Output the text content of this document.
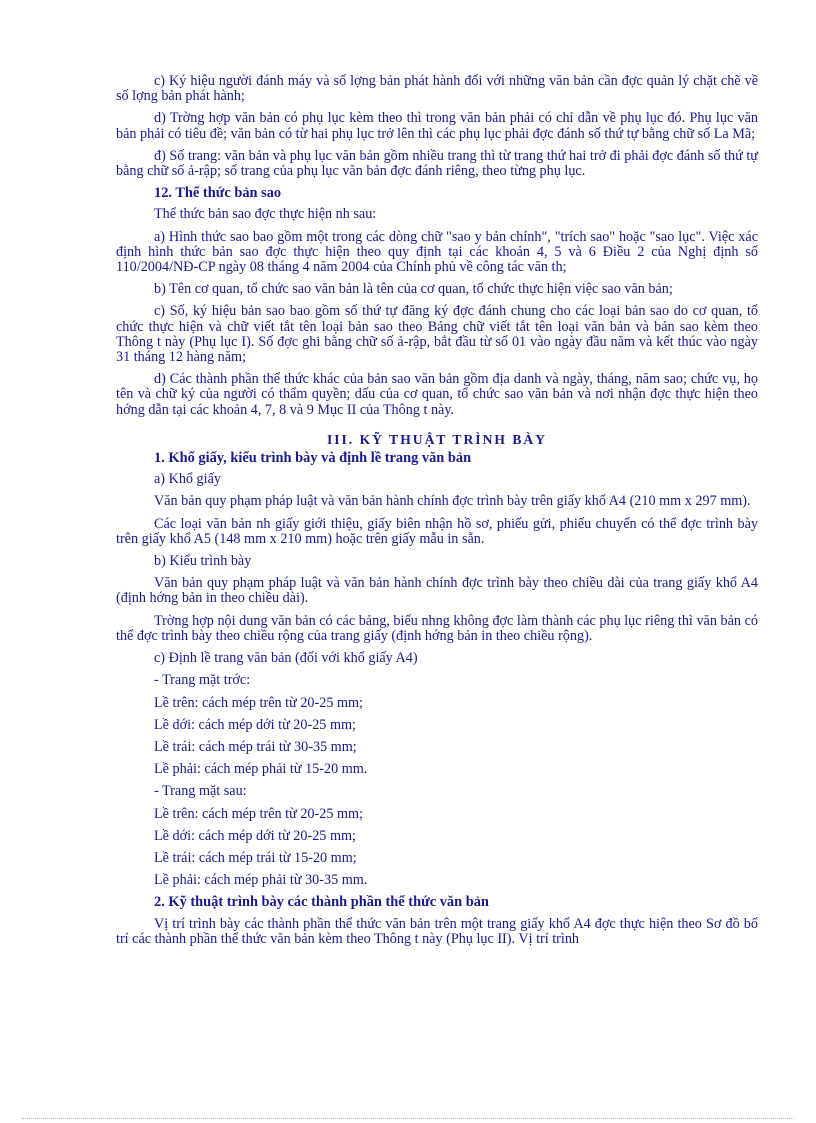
c) Ký hiệu người đánh máy và số lợng bản phát hành đối với những văn bản cần đợc quản lý chặt chẽ về số lợng bản phát hành;

d) Trờng hợp văn bản có phụ lục kèm theo thì trong văn bản phải có chỉ dẫn về phụ lục đó. Phụ lục văn bản phải có tiêu đề; văn bản có từ hai phụ lục trở lên thì các phụ lục phải đợc đánh số thứ tự bằng chữ số La Mã;

đ) Số trang: văn bản và phụ lục văn bản gồm nhiều trang thì từ trang thứ hai trở đi phải đợc đánh số thứ tự bằng chữ số ả-rập; số trang của phụ lục văn bản đợc đánh riêng, theo từng phụ lục.

12. Thể thức bản sao
Thể thức bản sao đợc thực hiện nh sau:

a) Hình thức sao bao gồm một trong các dòng chữ "sao y bản chính", "trích sao" hoặc "sao lục". Việc xác định hình thức bản sao đợc thực hiện theo quy định tại các khoản 4, 5 và 6 Điều 2 của Nghị định số 110/2004/NĐ-CP ngày 08 tháng 4 năm 2004 của Chính phủ về công tác văn th;

b) Tên cơ quan, tổ chức sao văn bản là tên của cơ quan, tổ chức thực hiện việc sao văn bản;

c) Số, ký hiệu bản sao bao gồm số thứ tự đăng ký đợc đánh chung cho các loại bản sao do cơ quan, tổ chức thực hiện và chữ viết tắt tên loại bản sao theo Bảng chữ viết tắt tên loại văn bản và bản sao kèm theo Thông t này (Phụ lục I). Số đợc ghi bằng chữ số ả-rập, bắt đầu từ số 01 vào ngày đầu năm và kết thúc vào ngày 31 tháng 12 hàng năm;

d) Các thành phần thể thức khác của bản sao văn bản gồm địa danh và ngày, tháng, năm sao; chức vụ, họ tên và chữ ký của người có thẩm quyền; dấu của cơ quan, tổ chức sao văn bản và nơi nhận đợc thực hiện theo hớng dẫn tại các khoản 4, 7, 8 và 9 Mục II của Thông t này.

III. KỸ THUẬT TRÌNH BÀY
1. Khổ giấy, kiểu trình bày và định lề trang văn bản
a) Khổ giấy

Văn bản quy phạm pháp luật và văn bản hành chính đợc trình bày trên giấy khổ A4 (210 mm x 297 mm).

Các loại văn bản nh giấy giới thiệu, giấy biên nhận hồ sơ, phiếu gửi, phiếu chuyển có thể đợc trình bày trên giấy khổ A5 (148 mm x 210 mm) hoặc trên giấy mẫu in sẵn.

b) Kiểu trình bày

Văn bản quy phạm pháp luật và văn bản hành chính đợc trình bày theo chiều dài của trang giấy khổ A4 (định hớng bản in theo chiều dài).

Trờng hợp nội dung văn bản có các bảng, biểu nhng không đợc làm thành các phụ lục riêng thì văn bản có thể đợc trình bày theo chiều rộng của trang giấy (định hớng bản in theo chiều rộng).

c) Định lề trang văn bản (đối với khổ giấy A4)
- Trang mặt trớc:
Lề trên: cách mép trên từ 20-25 mm;
Lề dới: cách mép dới từ 20-25 mm;
Lề trái: cách mép trái từ 30-35 mm;
Lề phải: cách mép phải từ 15-20 mm.
- Trang mặt sau:
Lề trên: cách mép trên từ 20-25 mm;
Lề dới: cách mép dới từ 20-25 mm;
Lề trái: cách mép trái từ 15-20 mm;
Lề phải: cách mép phải từ 30-35 mm.
2. Kỹ thuật trình bày các thành phần thể thức văn bản

Vị trí trình bày các thành phần thể thức văn bản trên một trang giấy khổ A4 đợc thực hiện theo Sơ đồ bố trí các thành phần thể thức văn bản kèm theo Thông t này (Phụ lục II). Vị trí trình
